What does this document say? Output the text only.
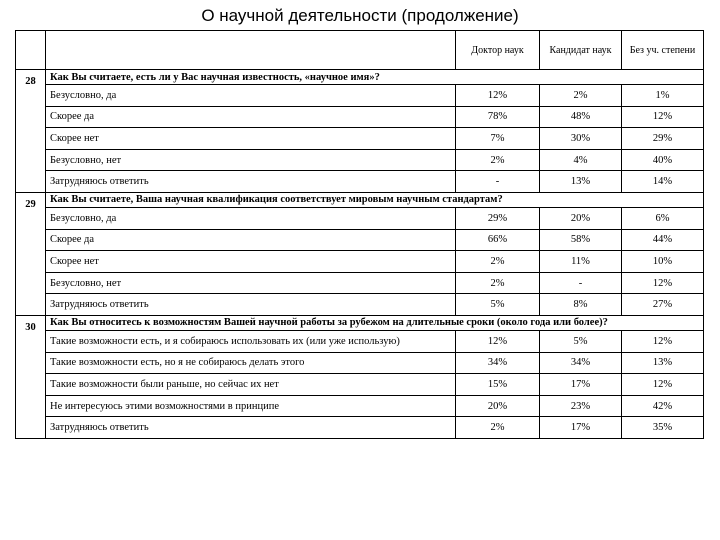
О научной деятельности (продолжение)
		Доктор наук	Кандидат наук	Без уч. степени
28	Как Вы считаете, есть ли у Вас научная известность, «научное имя»?			
	Безусловно, да	12%	2%	1%
	Скорее да	78%	48%	12%
	Скорее нет	7%	30%	29%
	Безусловно, нет	2%	4%	40%
	Затрудняюсь ответить	-	13%	14%
29	Как Вы считаете, Ваша научная квалификация соответствует мировым научным стандартам?			
	Безусловно, да	29%	20%	6%
	Скорее да	66%	58%	44%
	Скорее нет	2%	11%	10%
	Безусловно, нет	2%	-	12%
	Затрудняюсь ответить	5%	8%	27%
30	Как Вы относитесь к возможностям Вашей научной работы за рубежом на длительные сроки (около года или более)?			
	Такие возможности есть, и я собираюсь использовать их (или уже использую)	12%	5%	12%
	Такие возможности есть, но я не собираюсь делать этого	34%	34%	13%
	Такие возможности были раньше, но сейчас их нет	15%	17%	12%
	Не интересуюсь этими возможностями в принципе	20%	23%	42%
	Затрудняюсь ответить	2%	17%	35%
